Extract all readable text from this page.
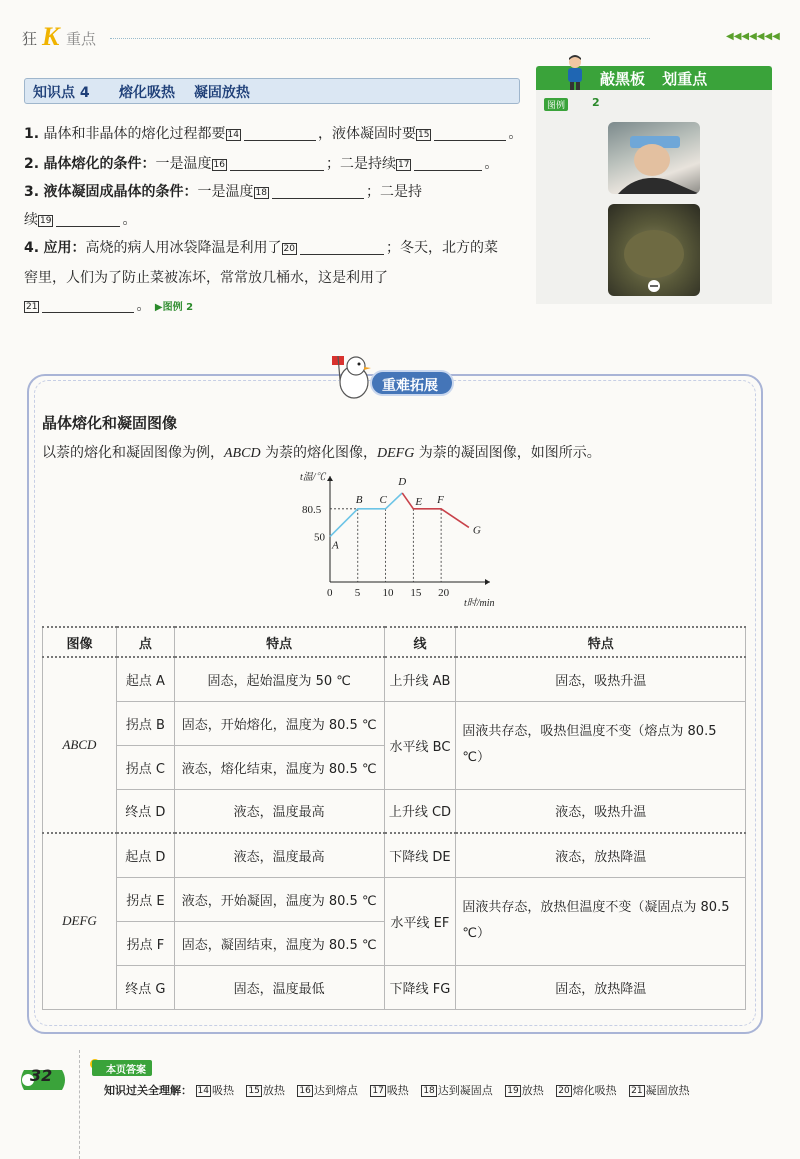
狂 K 重点	◀◀◀◀◀◀◀
知识点 4 熔化吸热 凝固放热
1. 晶体和非晶体的熔化过程都要 14	，液体凝固时要 15	。
2. 晶体熔化的条件：一是温度 16	；二是持续 17	。
3. 液体凝固成晶体的条件：一是温度 18	；二是持
续 19	。
4. 应用：高烧的病人用冰袋降温是利用了 20	；冬天，北方的菜
窖里，人们为了防止菜被冻坏，常常放几桶水，这是利用了
21	。 ▶图例 2
敲黑板 划重点
图例 2
重难拓展
晶体熔化和凝固图像
以萘的熔化和凝固图像为例，ABCD 为萘的熔化图像，DEFG 为萘的凝固图像，如图所示。
t温/℃
t时/min
0 5 10 15 20
50
80.5
A
B C
D
E F
G
图像	点	特点	线	特点
ABCD	起点 A	固态，起始温度为 50 ℃	上升线 AB	固态，吸热升温
	拐点 B	固态，开始熔化，温度为 80.5 ℃	水平线 BC	固液共存态，吸热但温度不变（熔点为 80.5 ℃）
	拐点 C	液态，熔化结束，温度为 80.5 ℃		
	终点 D	液态，温度最高	上升线 CD	液态，吸热升温
DEFG	起点 D	液态，温度最高	下降线 DE	液态，放热降温
	拐点 E	液态，开始凝固，温度为 80.5 ℃	水平线 EF	固液共存态，放热但温度不变（凝固点为 80.5 ℃）
	拐点 F	固态，凝固结束，温度为 80.5 ℃		
	终点 G	固态，温度最低	下降线 FG	固态，放热降温
32	本页答案
知识过关全理解： 14 吸热 15 放热 16 达到熔点 17 吸热 18 达到凝固点 19 放热 20 熔化吸热 21 凝固放热
